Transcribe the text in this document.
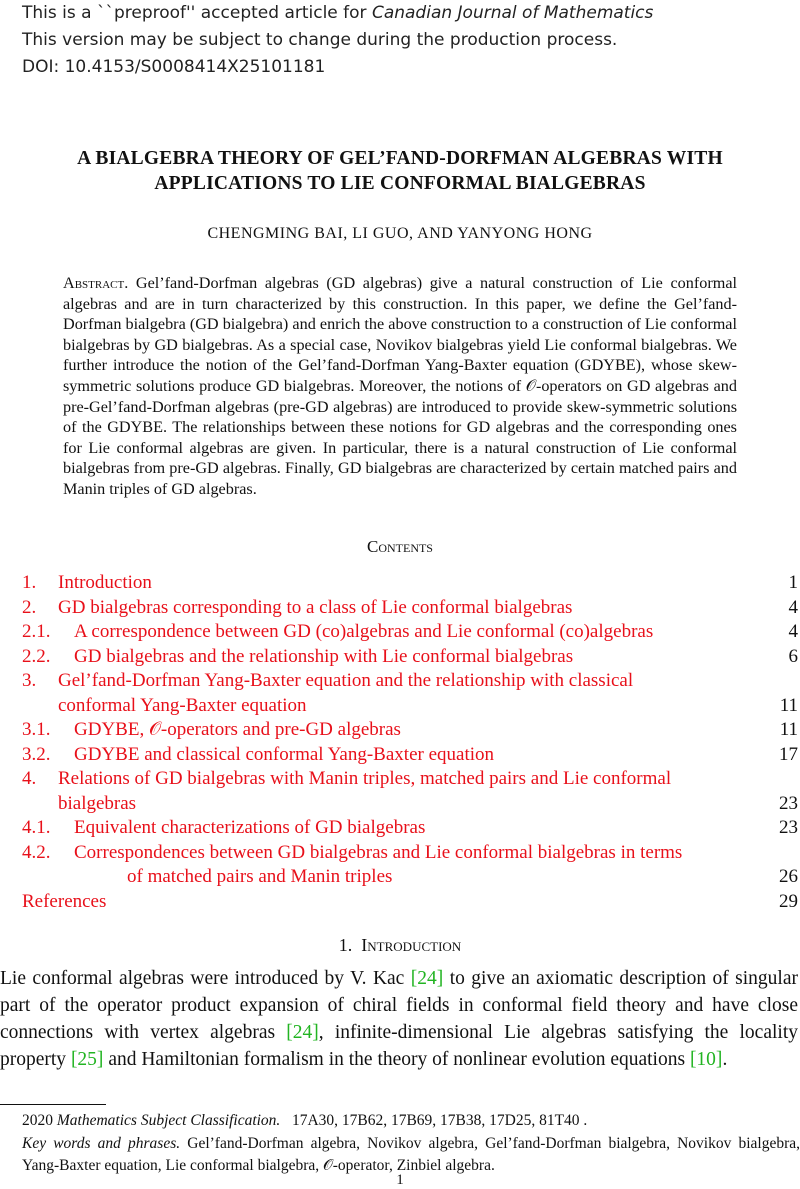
This is a ``preproof'' accepted article for Canadian Journal of Mathematics
This version may be subject to change during the production process.
DOI: 10.4153/S0008414X25101181
A BIALGEBRA THEORY OF GEL’FAND-DORFMAN ALGEBRAS WITH
APPLICATIONS TO LIE CONFORMAL BIALGEBRAS
CHENGMING BAI, LI GUO, AND YANYONG HONG
Abstract. Gel’fand-Dorfman algebras (GD algebras) give a natural construction of Lie conformal algebras and are in turn characterized by this construction. In this paper, we define the Gel’fand-Dorfman bialgebra (GD bialgebra) and enrich the above construction to a construction of Lie conformal bialgebras by GD bialgebras. As a special case, Novikov bialgebras yield Lie conformal bialgebras. We further introduce the notion of the Gel’fand-Dorfman Yang-Baxter equation (GDYBE), whose skew-symmetric solutions produce GD bialgebras. Moreover, the notions of 𝒪-operators on GD algebras and pre-Gel’fand-Dorfman algebras (pre-GD algebras) are introduced to provide skew-symmetric solutions of the GDYBE. The relationships between these notions for GD algebras and the corresponding ones for Lie conformal algebras are given. In particular, there is a natural construction of Lie conformal bialgebras from pre-GD algebras. Finally, GD bialgebras are characterized by certain matched pairs and Manin triples of GD algebras.
Contents
1. Introduction	1
2. GD bialgebras corresponding to a class of Lie conformal bialgebras	4
2.1. A correspondence between GD (co)algebras and Lie conformal (co)algebras	4
2.2. GD bialgebras and the relationship with Lie conformal bialgebras	6
3. Gel’fand-Dorfman Yang-Baxter equation and the relationship with classical
conformal Yang-Baxter equation	11
3.1. GDYBE, 𝒪-operators and pre-GD algebras	11
3.2. GDYBE and classical conformal Yang-Baxter equation	17
4. Relations of GD bialgebras with Manin triples, matched pairs and Lie conformal
bialgebras	23
4.1. Equivalent characterizations of GD bialgebras	23
4.2. Correspondences between GD bialgebras and Lie conformal bialgebras in terms
of matched pairs and Manin triples	26
References	29
1. Introduction
Lie conformal algebras were introduced by V. Kac [24] to give an axiomatic description of singular part of the operator product expansion of chiral fields in conformal field theory and have close connections with vertex algebras [24], infinite-dimensional Lie algebras satisfying the locality property [25] and Hamiltonian formalism in the theory of nonlinear evolution equations [10].
2020 Mathematics Subject Classification. 17A30, 17B62, 17B69, 17B38, 17D25, 81T40 .
Key words and phrases. Gel’fand-Dorfman algebra, Novikov algebra, Gel’fand-Dorfman bialgebra, Novikov bialgebra, Yang-Baxter equation, Lie conformal bialgebra, 𝒪-operator, Zinbiel algebra.
1
